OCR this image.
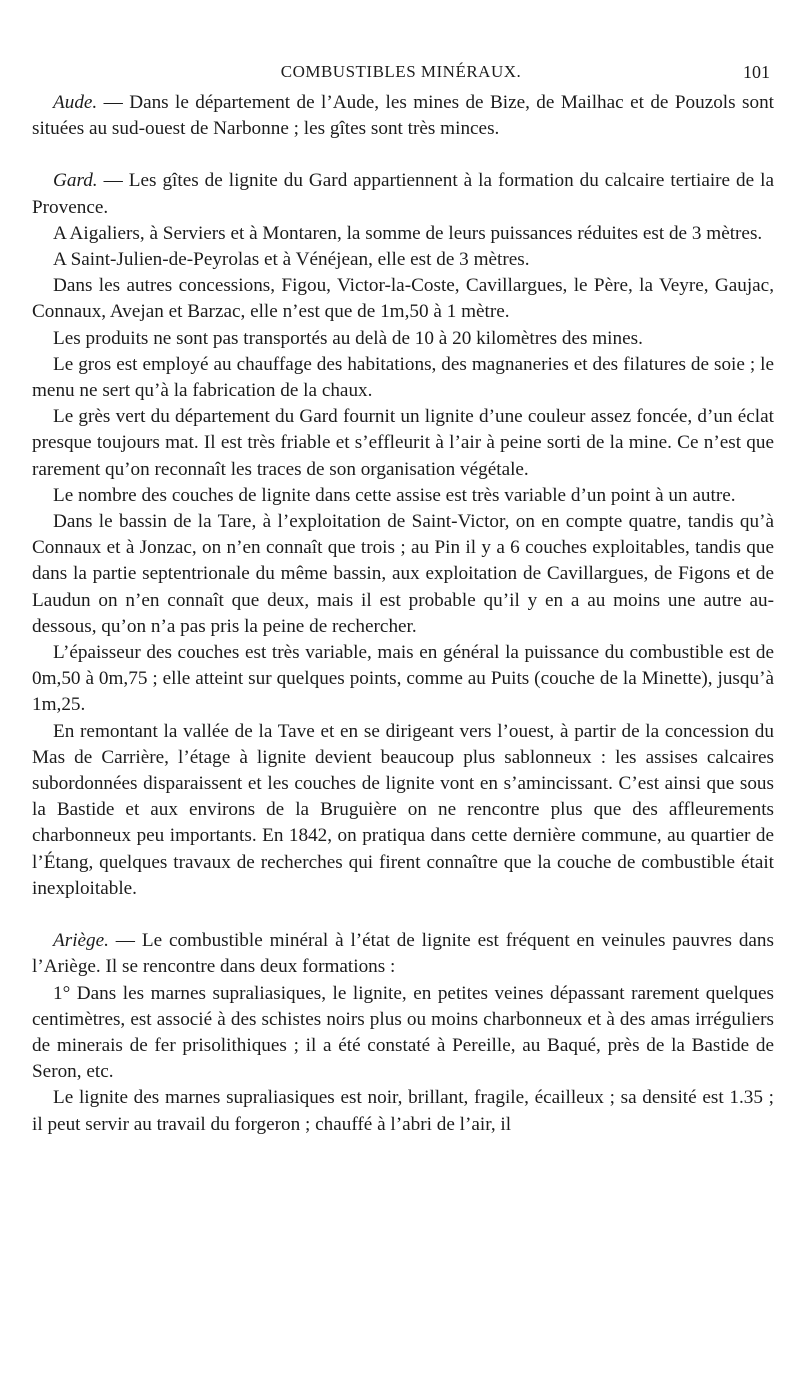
COMBUSTIBLES MINÉRAUX.	101

Aude. — Dans le département de l’Aude, les mines de Bize, de Mailhac et de Pouzols sont situées au sud-ouest de Narbonne ; les gîtes sont très minces.

Gard. — Les gîtes de lignite du Gard appartiennent à la formation du calcaire tertiaire de la Provence.

A Aigaliers, à Serviers et à Montaren, la somme de leurs puissances réduites est de 3 mètres.

A Saint-Julien-de-Peyrolas et à Vénéjean, elle est de 3 mètres.

Dans les autres concessions, Figou, Victor-la-Coste, Cavillargues, le Père, la Veyre, Gaujac, Connaux, Avejan et Barzac, elle n’est que de 1m,50 à 1 mètre.

Les produits ne sont pas transportés au delà de 10 à 20 kilomètres des mines.

Le gros est employé au chauffage des habitations, des magnaneries et des filatures de soie ; le menu ne sert qu’à la fabrication de la chaux.

Le grès vert du département du Gard fournit un lignite d’une couleur assez foncée, d’un éclat presque toujours mat. Il est très friable et s’effleurit à l’air à peine sorti de la mine. Ce n’est que rarement qu’on reconnaît les traces de son organisation végétale.

Le nombre des couches de lignite dans cette assise est très variable d’un point à un autre.

Dans le bassin de la Tare, à l’exploitation de Saint-Victor, on en compte quatre, tandis qu’à Connaux et à Jonzac, on n’en connaît que trois ; au Pin il y a 6 couches exploitables, tandis que dans la partie septentrionale du même bassin, aux exploitation de Cavillargues, de Figons et de Laudun on n’en connaît que deux, mais il est probable qu’il y en a au moins une autre au-dessous, qu’on n’a pas pris la peine de rechercher.

L’épaisseur des couches est très variable, mais en général la puissance du combustible est de 0m,50 à 0m,75 ; elle atteint sur quelques points, comme au Puits (couche de la Minette), jusqu’à 1m,25.

En remontant la vallée de la Tave et en se dirigeant vers l’ouest, à partir de la concession du Mas de Carrière, l’étage à lignite devient beaucoup plus sablonneux : les assises calcaires subordonnées disparaissent et les couches de lignite vont en s’amincissant. C’est ainsi que sous la Bastide et aux environs de la Bruguière on ne rencontre plus que des affleurements charbonneux peu importants. En 1842, on pratiqua dans cette dernière commune, au quartier de l’Étang, quelques travaux de recherches qui firent connaître que la couche de combustible était inexploitable.

Ariège. — Le combustible minéral à l’état de lignite est fréquent en veinules pauvres dans l’Ariège. Il se rencontre dans deux formations :

1° Dans les marnes supraliasiques, le lignite, en petites veines dépassant rarement quelques centimètres, est associé à des schistes noirs plus ou moins charbonneux et à des amas irréguliers de minerais de fer prisolithiques ; il a été constaté à Pereille, au Baqué, près de la Bastide de Seron, etc.

Le lignite des marnes supraliasiques est noir, brillant, fragile, écailleux ; sa densité est 1.35 ; il peut servir au travail du forgeron ; chauffé à l’abri de l’air, il
